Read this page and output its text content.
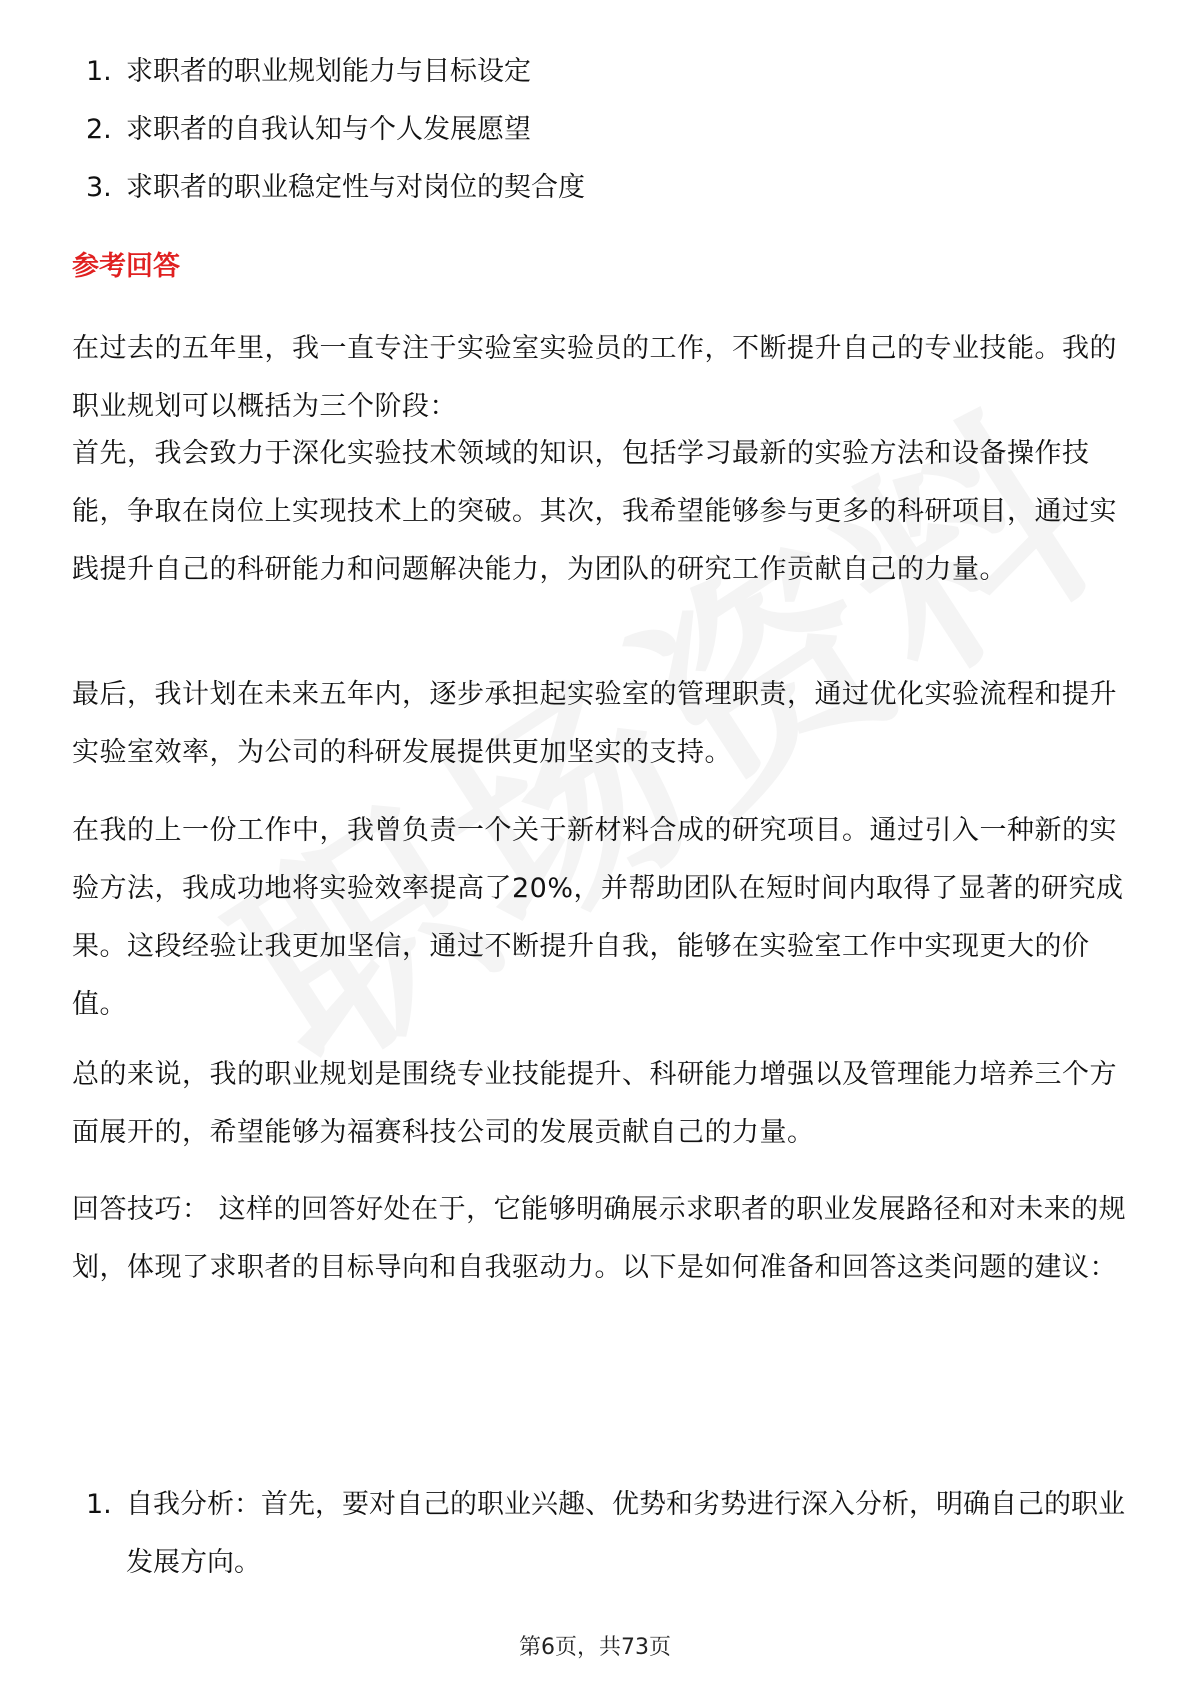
1. 求职者的职业规划能力与目标设定
2. 求职者的自我认知与个人发展愿望
3. 求职者的职业稳定性与对岗位的契合度
参考回答

在过去的五年里，我一直专注于实验室实验员的工作，不断提升自己的专业技能。我的职业规划可以概括为三个阶段：

首先，我会致力于深化实验技术领域的知识，包括学习最新的实验方法和设备操作技能，争取在岗位上实现技术上的突破。其次，我希望能够参与更多的科研项目，通过实践提升自己的科研能力和问题解决能力，为团队的研究工作贡献自己的力量。

最后，我计划在未来五年内，逐步承担起实验室的管理职责，通过优化实验流程和提升实验室效率，为公司的科研发展提供更加坚实的支持。

在我的上一份工作中，我曾负责一个关于新材料合成的研究项目。通过引入一种新的实验方法，我成功地将实验效率提高了20%，并帮助团队在短时间内取得了显著的研究成果。这段经验让我更加坚信，通过不断提升自我，能够在实验室工作中实现更大的价值。

总的来说，我的职业规划是围绕专业技能提升、科研能力增强以及管理能力培养三个方面展开的，希望能够为福赛科技公司的发展贡献自己的力量。

回答技巧： 这样的回答好处在于，它能够明确展示求职者的职业发展路径和对未来的规划，体现了求职者的目标导向和自我驱动力。以下是如何准备和回答这类问题的建议：

1. 自我分析：首先，要对自己的职业兴趣、优势和劣势进行深入分析，明确自己的职业发展方向。
第6页，共73页
